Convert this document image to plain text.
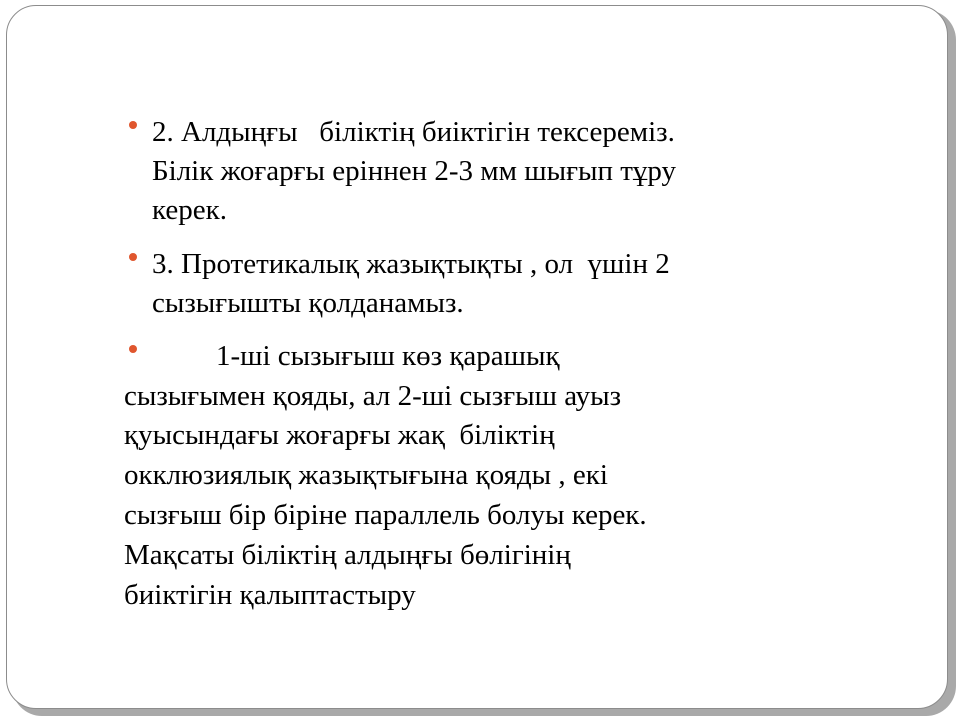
2. Алдыңғы   біліктің биіктігін тексереміз.

Білік жоғарғы еріннен 2-3 мм шығып тұру

керек.

3. Протетикалық жазықтықты , ол  үшін 2

сызығышты қолданамыз.

1-ші сызығыш көз қарашық

сызығымен қояды, ал 2-ші сызғыш ауыз

қуысындағы жоғарғы жақ  біліктің

окклюзиялық жазықтығына қояды , екі

сызғыш бір біріне параллель болуы керек.

Мақсаты біліктің алдыңғы бөлігінің

биіктігін қалыптастыру
